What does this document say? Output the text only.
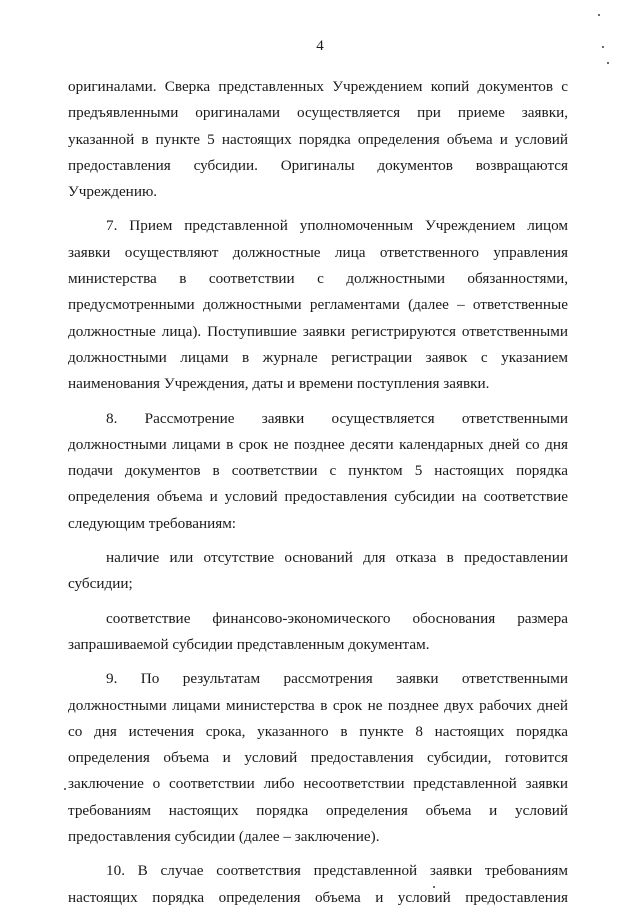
4

оригиналами. Сверка представленных Учреждением копий документов с предъявленными оригиналами осуществляется при приеме заявки, указанной в пункте 5 настоящих порядка определения объема и условий предоставления субсидии. Оригиналы документов возвращаются Учреждению.

7. Прием представленной уполномоченным Учреждением лицом заявки осуществляют должностные лица ответственного управления министерства в соответствии с должностными обязанностями, предусмотренными должностными регламентами (далее – ответственные должностные лица). Поступившие заявки регистрируются ответственными должностными лицами в журнале регистрации заявок с указанием наименования Учреждения, даты и времени поступления заявки.

8. Рассмотрение заявки осуществляется ответственными должностными лицами в срок не позднее десяти календарных дней со дня подачи документов в соответствии с пунктом 5 настоящих порядка определения объема и условий предоставления субсидии на соответствие следующим требованиям:

наличие или отсутствие оснований для отказа в предоставлении субсидии;

соответствие финансово-экономического обоснования размера запрашиваемой субсидии представленным документам.

9. По результатам рассмотрения заявки ответственными должностными лицами министерства в срок не позднее двух рабочих дней со дня истечения срока, указанного в пункте 8 настоящих порядка определения объема и условий предоставления субсидии, готовится заключение о соответствии либо несоответствии представленной заявки требованиям настоящих порядка определения объема и условий предоставления субсидии (далее – заключение).

10. В случае соответствия представленной заявки требованиям настоящих порядка определения объема и условий предоставления
